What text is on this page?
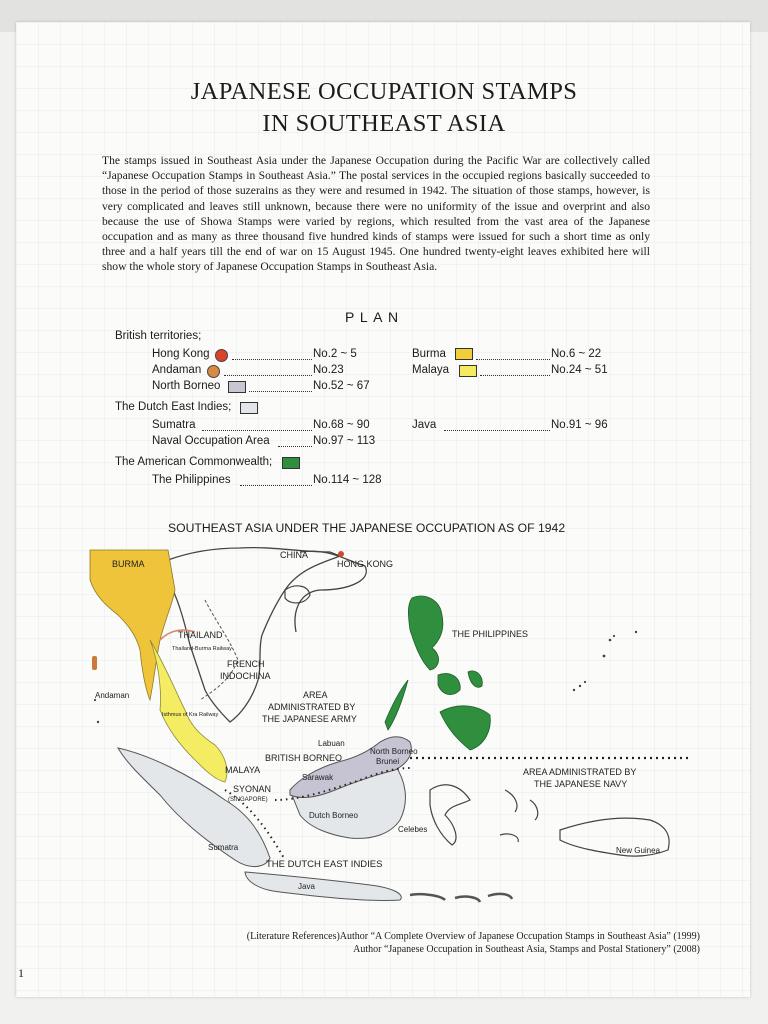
JAPANESE OCCUPATION STAMPS
IN SOUTHEAST ASIA

The stamps issued in Southeast Asia under the Japanese Occupation during the Pacific War are collectively called “Japanese Occupation Stamps in Southeast Asia.” The postal services in the occupied regions basically succeeded to those in the period of those suzerains as they were and resumed in 1942. The situation of those stamps, however, is very complicated and leaves still unknown, because there were no uniformity of the issue and overprint and also because the use of Showa Stamps were varied by regions, which resulted from the vast area of the Japanese occupation and as many as three thousand five hundred kinds of stamps were issued for such a short time as only three and a half years till the end of war on 15 August 1945. One hundred twenty-eight leaves exhibited here will show the whole story of Japanese Occupation Stamps in Southeast Asia.

PLAN

British territories;
Hong Kong	No.2 ~ 5
Andaman	No.23
North Borneo	No.52 ~ 67
Burma	No.6 ~ 22
Malaya	No.24 ~ 51
The Dutch East Indies;
Sumatra	No.68 ~ 90
Naval Occupation Area	No.97 ~ 113
Java	No.91 ~ 96
The American Commonwealth;
The Philippines	No.114 ~ 128

SOUTHEAST ASIA UNDER THE JAPANESE OCCUPATION AS OF 1942

BURMA
CHINA
HONG KONG
THAILAND
Thailand-Burma Railway
FRENCH
INDOCHINA
THE PHILIPPINES
Andaman
Isthmus of Kra Railway
AREA
ADMINISTRATED BY
THE JAPANESE ARMY
Labuan
North Borneo
BRITISH BORNEO	Brunei
MALAYA
Sarawak
SYONAN
(SINGAPORE)
AREA ADMINISTRATED BY
THE JAPANESE NAVY
Dutch Borneo
Celebes
Sumatra
THE DUTCH EAST INDIES
New Guinea
Java
(Literature References)Author “A Complete Overview of Japanese Occupation Stamps in Southeast Asia” (1999)
Author “Japanese Occupation in Southeast Asia, Stamps and Postal Stationery” (2008)
1
